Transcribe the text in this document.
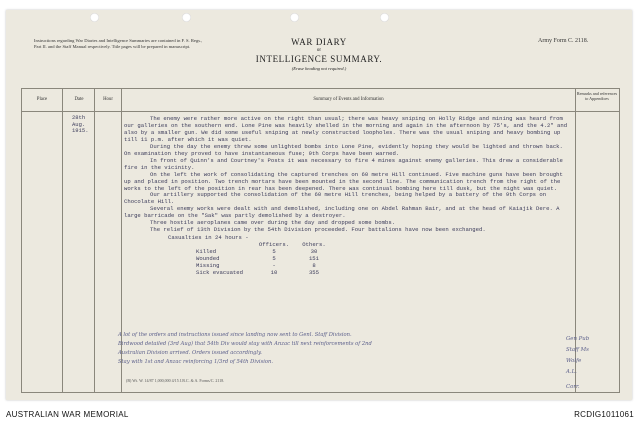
Instructions regarding War Diaries and Intelligence Summaries are contained in F. S. Regs., Part II. and the Staff Manual respectively. Title pages will be prepared in manuscript.	WAR DIARY
or
INTELLIGENCE SUMMARY.
(Erase heading not required.)
Army Form C. 2118.
Place	Date	Hour	Summary of Events and Information
Remarks and references to Appendices
28th
Aug.
1915.

The enemy were rather more active on the right than usual; there was heavy sniping on Holly Ridge and mining was heard from our galleries on the southern end. Lone Pine was heavily shelled in the morning and again in the afternoon by 75's, and the 4.2" and also by a smaller gun. We did some useful sniping at newly constructed loopholes. There was the usual sniping and heavy bombing up till 11 p.m. after which it was quiet.

During the day the enemy threw some unlighted bombs into Lone Pine, evidently hoping they would be lighted and thrown back. On examination they proved to have instantaneous fuse; 9th Corps have been warned.

In front of Quinn's and Courtney's Posts it was necessary to fire 4 mines against enemy galleries. This drew a considerable fire in the vicinity.

On the left the work of consolidating the captured trenches on 60 metre Hill continued. Five machine guns have been brought up and placed in position. Two trench mortars have been mounted in the second line. The communication trench from the right of the works to the left of the position in rear has been deepened. There was continual bombing here till dusk, but the night was quiet.

Our artillery supported the consolidation of the 60 metre Hill trenches, being helped by a battery of the 9th Corps on Chocolate Hill.

Several enemy works were dealt with and demolished, including one on Abdel Rahman Bair, and at the head of Kaiajik Dere. A large barricade on the "Sak" was partly demolished by a destroyer.

Three hostile aeroplanes came over during the day and dropped some bombs.

The relief of 13th Division by the 54th Division proceeded. Four battalions have now been exchanged.

Casualties in 24 hours -
Officers.	Others.
Killed	5	30
Wounded	5	151
Missing	-	8
Sick evacuated	10	355
A lot of the orders and instructions issued since landing now sent to Genl. Staff Division.
Birdwood detailed (3rd Aug) that 54th Div would stay with Anzac till next reinforcements of 2nd
Australian Division arrived. Orders issued accordingly.
Stay with 1st and Anzac reinforcing 1/3rd of 54th Division.
Gen Pub
Staff Ms
Wolfe
A.L.
Corr.
(B) Wt. W. 14/87 1,000,000 4/15 J.B.C. & A. Forms/C. 2118.
AUSTRALIAN WAR MEMORIAL	RCDIG1011061
